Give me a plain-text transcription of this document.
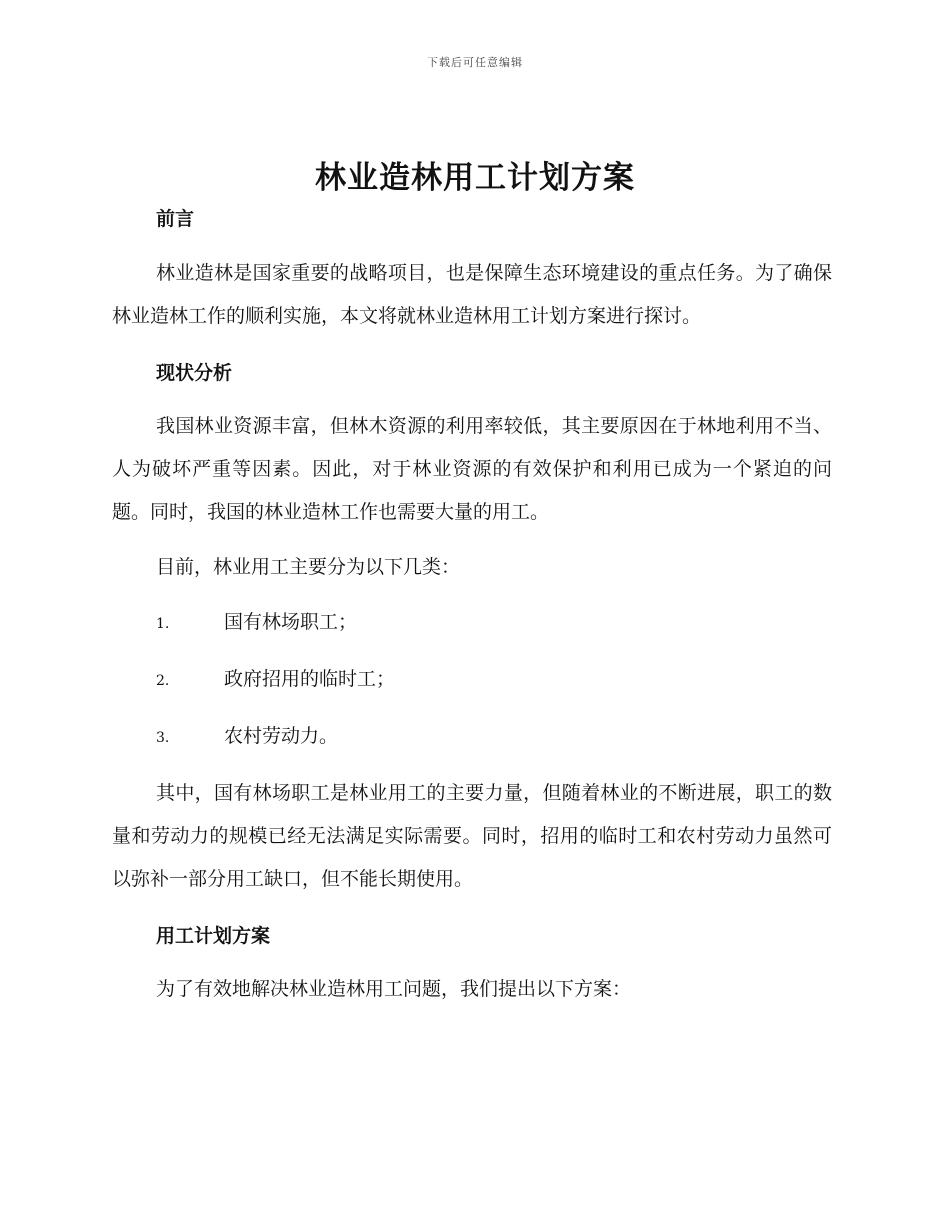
下载后可任意编辑
林业造林用工计划方案
前言

林业造林是国家重要的战略项目，也是保障生态环境建设的重点任务。为了确保林业造林工作的顺利实施，本文将就林业造林用工计划方案进行探讨。

现状分析

我国林业资源丰富，但林木资源的利用率较低，其主要原因在于林地利用不当、人为破坏严重等因素。因此，对于林业资源的有效保护和利用已成为一个紧迫的问题。同时，我国的林业造林工作也需要大量的用工。

目前，林业用工主要分为以下几类：

1.	国有林场职工；
2.	政府招用的临时工；
3.	农村劳动力。

其中，国有林场职工是林业用工的主要力量，但随着林业的不断进展，职工的数量和劳动力的规模已经无法满足实际需要。同时，招用的临时工和农村劳动力虽然可以弥补一部分用工缺口，但不能长期使用。

用工计划方案

为了有效地解决林业造林用工问题，我们提出以下方案：
